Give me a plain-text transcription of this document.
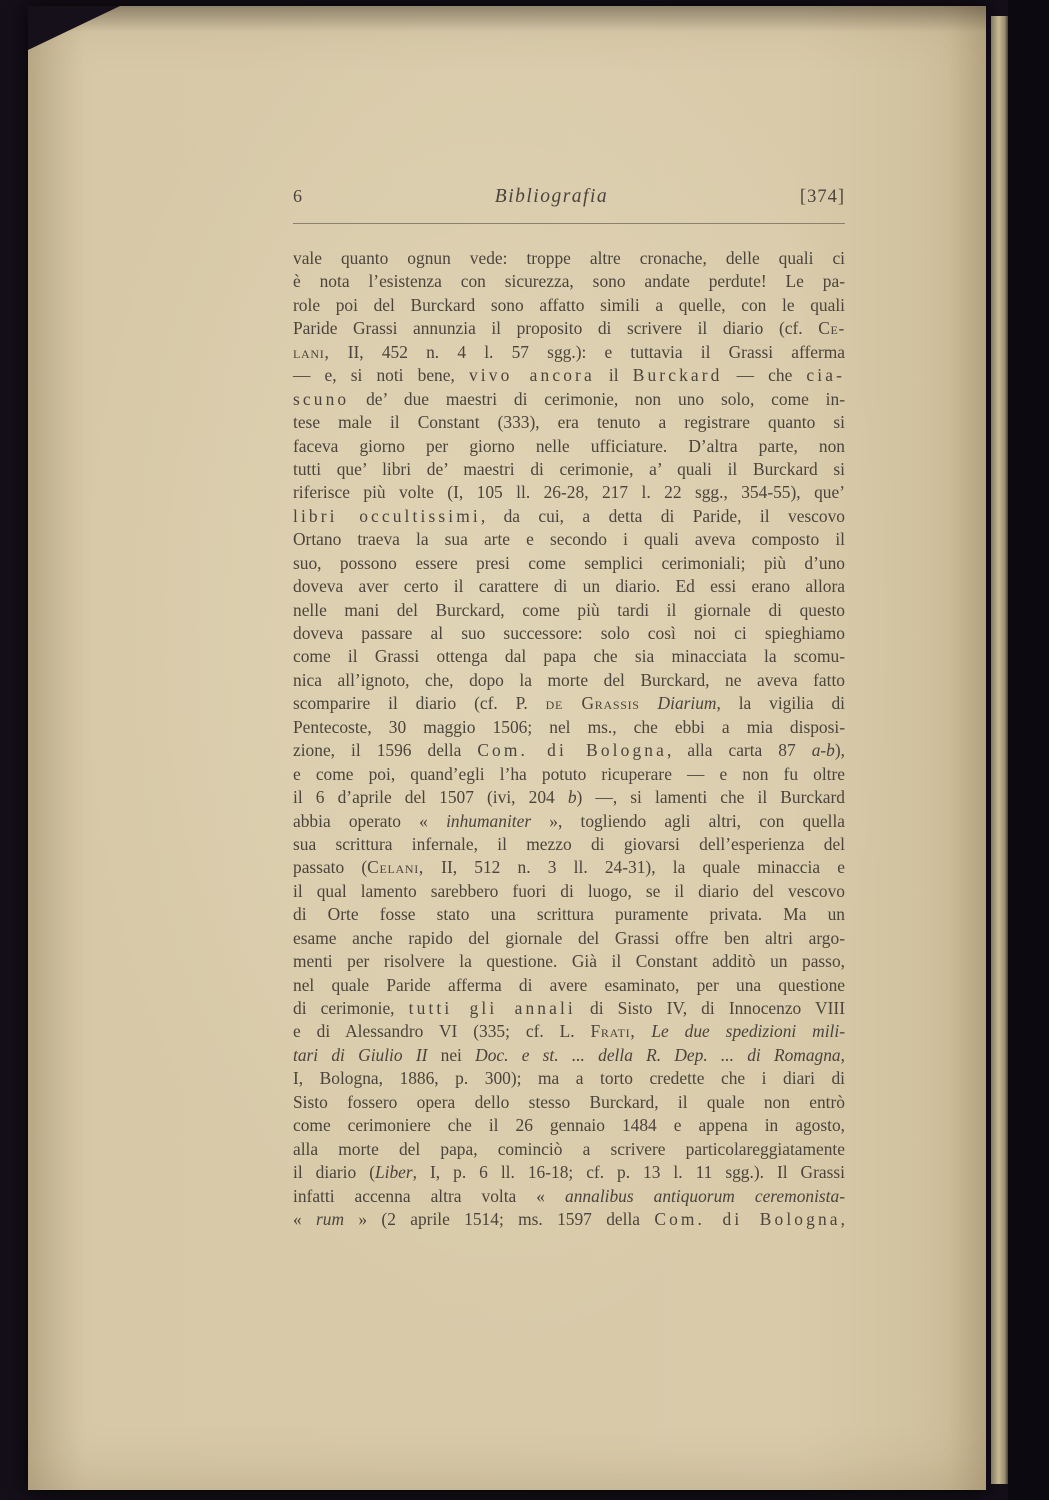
6	Bibliografia	[374]
vale quanto ognun vede: troppe altre cronache, delle quali ci
è nota l’esistenza con sicurezza, sono andate perdute! Le pa-
role poi del Burckard sono affatto simili a quelle, con le quali
Paride Grassi annunzia il proposito di scrivere il diario (cf. Ce-
lani, II, 452 n. 4 l. 57 sgg.): e tuttavia il Grassi afferma
— e, si noti bene, vivo ancora il Burckard — che cia-
scuno de’ due maestri di cerimonie, non uno solo, come in-
tese male il Constant (333), era tenuto a registrare quanto si
faceva giorno per giorno nelle ufficiature. D’altra parte, non
tutti que’ libri de’ maestri di cerimonie, a’ quali il Burckard si
riferisce più volte (I, 105 ll. 26-28, 217 l. 22 sgg., 354-55), que’
libri occultissimi, da cui, a detta di Paride, il vescovo
Ortano traeva la sua arte e secondo i quali aveva composto il
suo, possono essere presi come semplici cerimoniali; più d’uno
doveva aver certo il carattere di un diario. Ed essi erano allora
nelle mani del Burckard, come più tardi il giornale di questo
doveva passare al suo successore: solo così noi ci spieghiamo
come il Grassi ottenga dal papa che sia minacciata la scomu-
nica all’ignoto, che, dopo la morte del Burckard, ne aveva fatto
scomparire il diario (cf. P. de Grassis Diarium, la vigilia di
Pentecoste, 30 maggio 1506; nel ms., che ebbi a mia disposi-
zione, il 1596 della Com. di Bologna, alla carta 87 a-b),
e come poi, quand’egli l’ha potuto ricuperare — e non fu oltre
il 6 d’aprile del 1507 (ivi, 204 b) —, si lamenti che il Burckard
abbia operato « inhumaniter », togliendo agli altri, con quella
sua scrittura infernale, il mezzo di giovarsi dell’esperienza del
passato (Celani, II, 512 n. 3 ll. 24-31), la quale minaccia e
il qual lamento sarebbero fuori di luogo, se il diario del vescovo
di Orte fosse stato una scrittura puramente privata. Ma un
esame anche rapido del giornale del Grassi offre ben altri argo-
menti per risolvere la questione. Già il Constant additò un passo,
nel quale Paride afferma di avere esaminato, per una questione
di cerimonie, tutti gli annali di Sisto IV, di Innocenzo VIII
e di Alessandro VI (335; cf. L. Frati, Le due spedizioni mili-
tari di Giulio II nei Doc. e st. ... della R. Dep. ... di Romagna,
I, Bologna, 1886, p. 300); ma a torto credette che i diari di
Sisto fossero opera dello stesso Burckard, il quale non entrò
come cerimoniere che il 26 gennaio 1484 e appena in agosto,
alla morte del papa, cominciò a scrivere particolareggiatamente
il diario (Liber, I, p. 6 ll. 16-18; cf. p. 13 l. 11 sgg.). Il Grassi
infatti accenna altra volta « annalibus antiquorum ceremonista-
« rum » (2 aprile 1514; ms. 1597 della Com. di Bologna,
